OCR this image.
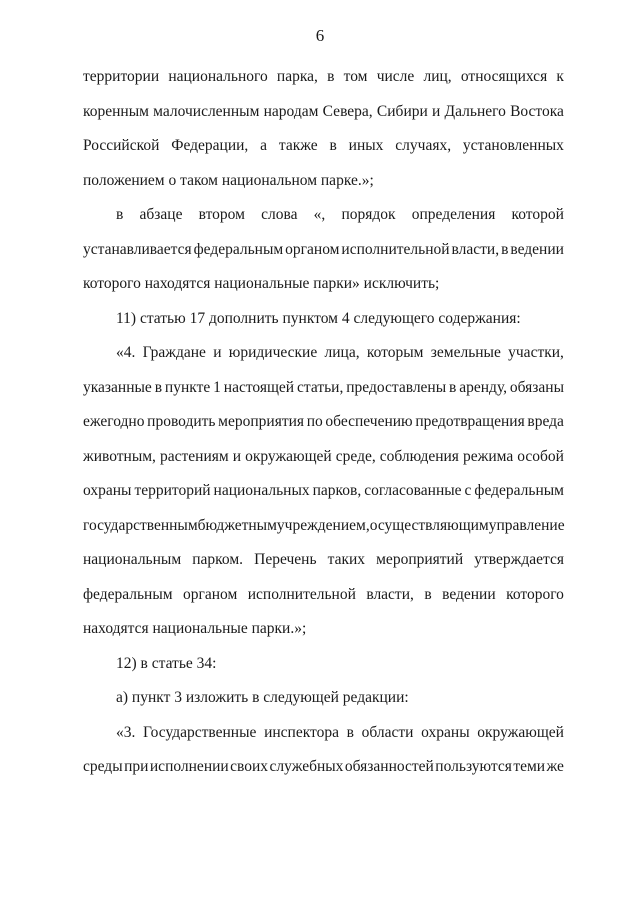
6
территории национального парка, в том числе лиц, относящихся к
коренным малочисленным народам Севера, Сибири и Дальнего Востока
Российской Федерации, а также в иных случаях, установленных
положением о таком национальном парке.»;
в абзаце втором слова «, порядок определения которой
устанавливается федеральным органом исполнительной власти, в ведении
которого находятся национальные парки» исключить;
11) статью 17 дополнить пунктом 4 следующего содержания:
«4. Граждане и юридические лица, которым земельные участки,
указанные в пункте 1 настоящей статьи, предоставлены в аренду, обязаны
ежегодно проводить мероприятия по обеспечению предотвращения вреда
животным, растениям и окружающей среде, соблюдения режима особой
охраны территорий национальных парков, согласованные с федеральным
государственным бюджетным учреждением, осуществляющим управление
национальным парком. Перечень таких мероприятий утверждается
федеральным органом исполнительной власти, в ведении которого
находятся национальные парки.»;
12) в статье 34:
а) пункт 3 изложить в следующей редакции:
«3. Государственные инспектора в области охраны окружающей
среды при исполнении своих служебных обязанностей пользуются теми же
